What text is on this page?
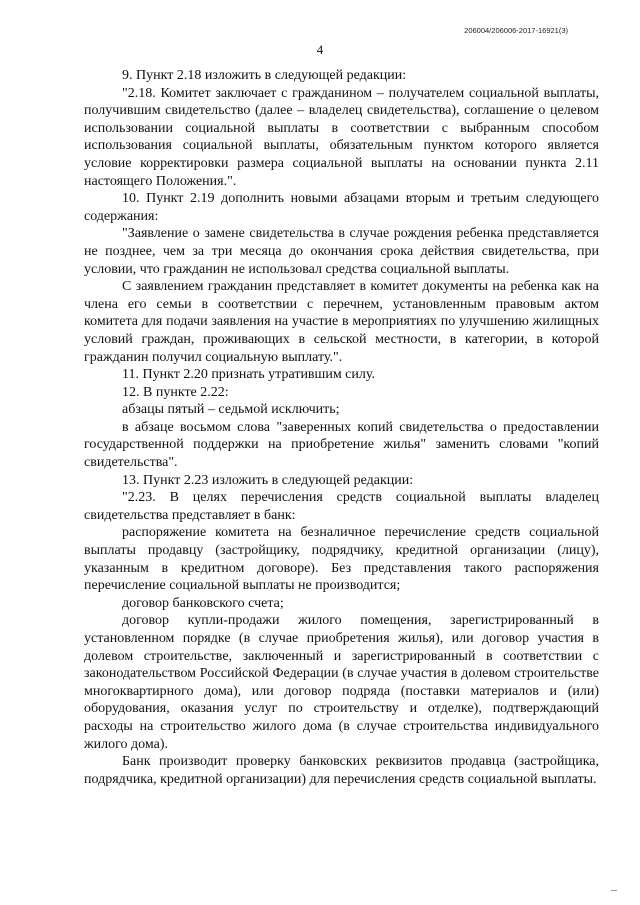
206004/206006-2017-16921(3)
4

9. Пункт 2.18 изложить в следующей редакции:

"2.18. Комитет заключает с гражданином – получателем социальной выплаты, получившим свидетельство (далее – владелец свидетельства), соглашение о целевом использовании социальной выплаты в соответствии с выбранным способом использования социальной выплаты, обязательным пунктом которого является условие корректировки размера социальной выплаты на основании пункта 2.11 настоящего Положения.".

10. Пункт 2.19 дополнить новыми абзацами вторым и третьим следующего содержания:

"Заявление о замене свидетельства в случае рождения ребенка представляется не позднее, чем за три месяца до окончания срока действия свидетельства, при условии, что гражданин не использовал средства социальной выплаты.

С заявлением гражданин представляет в комитет документы на ребенка как на члена его семьи в соответствии с перечнем, установленным правовым актом комитета для подачи заявления на участие в мероприятиях по улучшению жилищных условий граждан, проживающих в сельской местности, в категории, в которой гражданин получил социальную выплату.".

11. Пункт 2.20 признать утратившим силу.

12. В пункте 2.22:

абзацы пятый – седьмой исключить;

в абзаце восьмом слова "заверенных копий свидетельства о предоставлении государственной поддержки на приобретение жилья" заменить словами "копий свидетельства".

13. Пункт 2.23 изложить в следующей редакции:

"2.23. В целях перечисления средств социальной выплаты владелец свидетельства представляет в банк:

распоряжение комитета на безналичное перечисление средств социальной выплаты продавцу (застройщику, подрядчику, кредитной организации (лицу), указанным в кредитном договоре). Без представления такого распоряжения перечисление социальной выплаты не производится;

договор банковского счета;

договор купли-продажи жилого помещения, зарегистрированный в установленном порядке (в случае приобретения жилья), или договор участия в долевом строительстве, заключенный и зарегистрированный в соответствии с законодательством Российской Федерации (в случае участия в долевом строительстве многоквартирного дома), или договор подряда (поставки материалов и (или) оборудования, оказания услуг по строительству и отделке), подтверждающий расходы на строительство жилого дома (в случае строительства индивидуального жилого дома).

Банк производит проверку банковских реквизитов продавца (застройщика, подрядчика, кредитной организации) для перечисления средств социальной выплаты.
